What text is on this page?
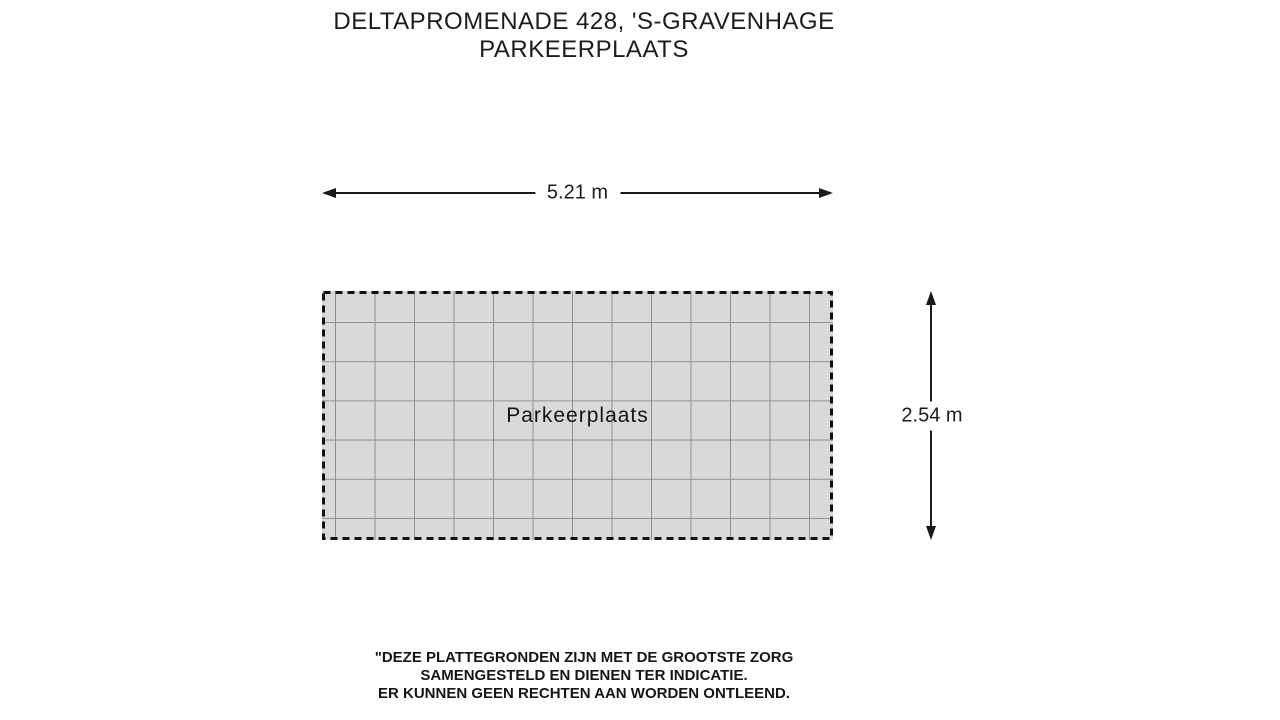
DELTAPROMENADE 428, 'S-GRAVENHAGE
PARKEERPLAATS
5.21 m
Parkeerplaats	2.54 m
"DEZE PLATTEGRONDEN ZIJN MET DE GROOTSTE ZORG
SAMENGESTELD EN DIENEN TER INDICATIE.
ER KUNNEN GEEN RECHTEN AAN WORDEN ONTLEEND.
